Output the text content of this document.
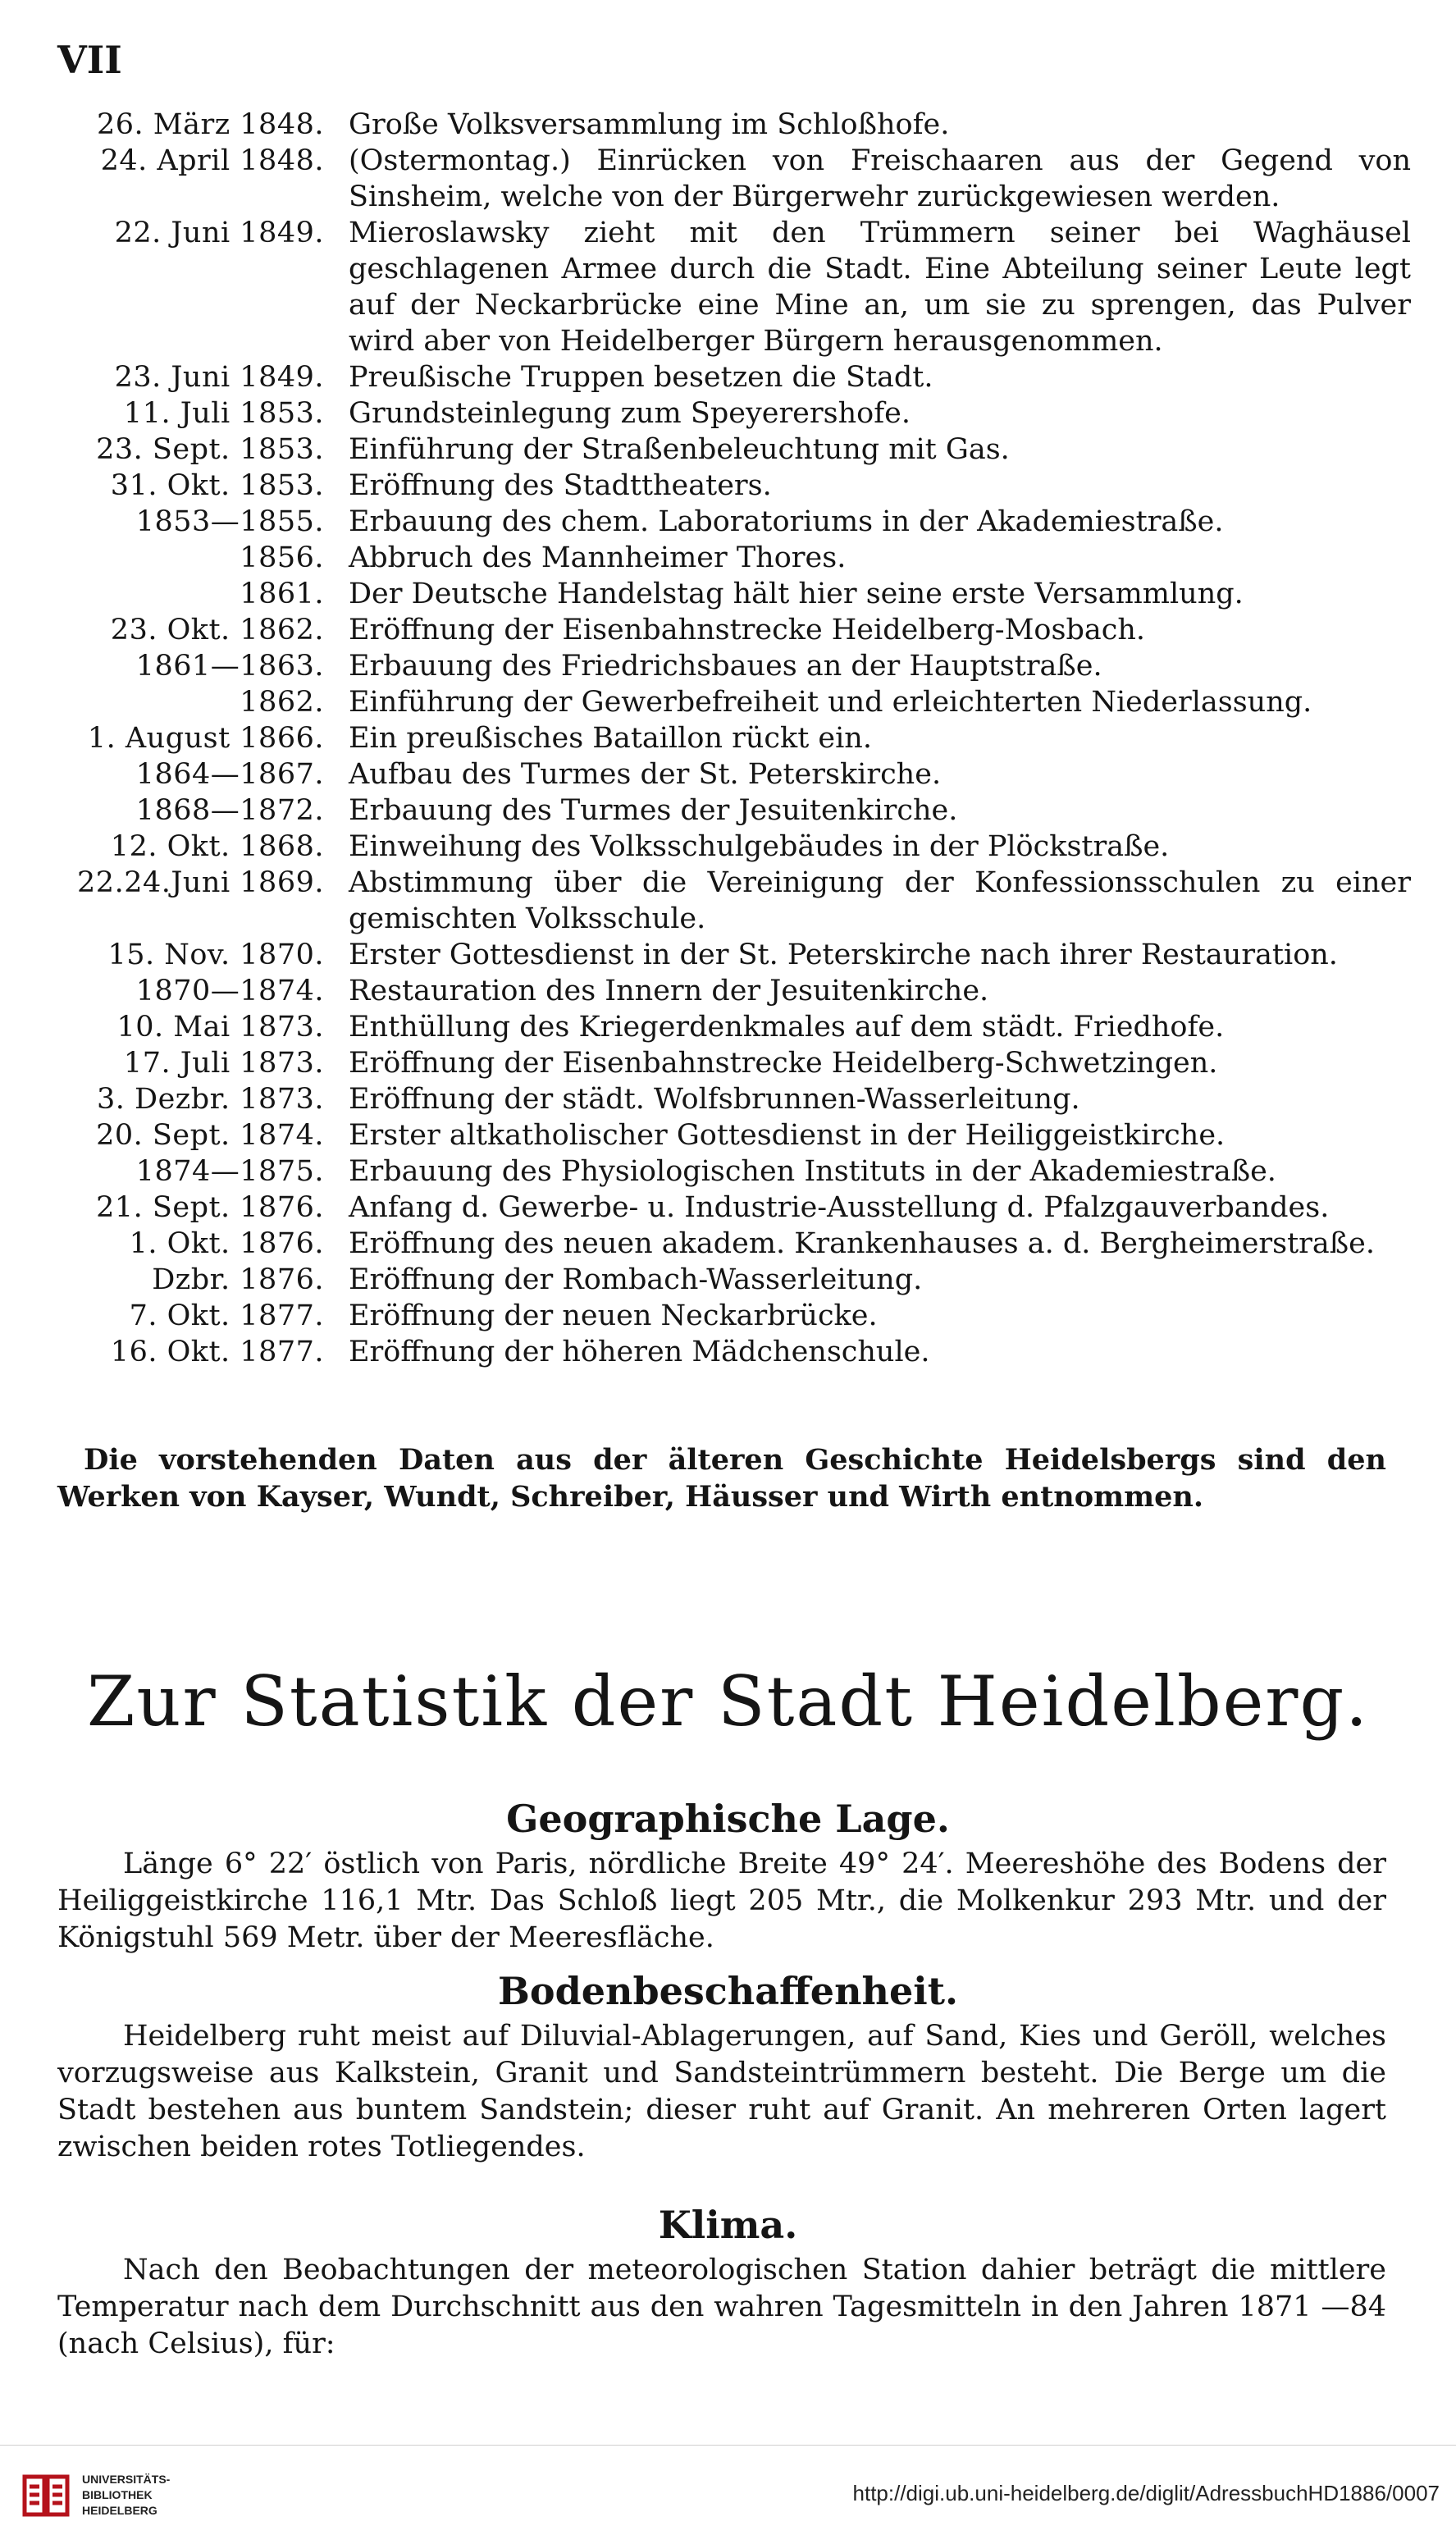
VII
26. März 1848. Große Volksversammlung im Schloßhofe.
24. April 1848. (Ostermontag.) Einrücken von Freischaaren aus der Gegend von Sinsheim, welche von der Bürgerwehr zurückgewiesen werden.
22. Juni 1849. Mieroslawsky zieht mit den Trümmern seiner bei Waghäusel geschlagenen Armee durch die Stadt. Eine Abteilung seiner Leute legt auf der Neckarbrücke eine Mine an, um sie zu sprengen, das Pulver wird aber von Heidelberger Bürgern herausgenommen.
23. Juni 1849. Preußische Truppen besetzen die Stadt.
11. Juli 1853. Grundsteinlegung zum Speyerershofe.
23. Sept. 1853. Einführung der Straßenbeleuchtung mit Gas.
31. Okt. 1853. Eröffnung des Stadttheaters.
1853—1855. Erbauung des chem. Laboratoriums in der Akademiestraße.
1856. Abbruch des Mannheimer Thores.
1861. Der Deutsche Handelstag hält hier seine erste Versammlung.
23. Okt. 1862. Eröffnung der Eisenbahnstrecke Heidelberg-Mosbach.
1861—1863. Erbauung des Friedrichsbaues an der Hauptstraße.
1862. Einführung der Gewerbefreiheit und erleichterten Niederlassung.
1. August 1866. Ein preußisches Bataillon rückt ein.
1864—1867. Aufbau des Turmes der St. Peterskirche.
1868—1872. Erbauung des Turmes der Jesuitenkirche.
12. Okt. 1868. Einweihung des Volksschulgebäudes in der Plöckstraße.
22.24.Juni 1869. Abstimmung über die Vereinigung der Konfessionsschulen zu einer gemischten Volksschule.
15. Nov. 1870. Erster Gottesdienst in der St. Peterskirche nach ihrer Restauration.
1870—1874. Restauration des Innern der Jesuitenkirche.
10. Mai 1873. Enthüllung des Kriegerdenkmales auf dem städt. Friedhofe.
17. Juli 1873. Eröffnung der Eisenbahnstrecke Heidelberg-Schwetzingen.
3. Dezbr. 1873. Eröffnung der städt. Wolfsbrunnen-Wasserleitung.
20. Sept. 1874. Erster altkatholischer Gottesdienst in der Heiliggeistkirche.
1874—1875. Erbauung des Physiologischen Instituts in der Akademiestraße.
21. Sept. 1876. Anfang d. Gewerbe- u. Industrie-Ausstellung d. Pfalzgauverbandes.
1. Okt. 1876. Eröffnung des neuen akadem. Krankenhauses a. d. Bergheimerstraße.
Dzbr. 1876. Eröffnung der Rombach-Wasserleitung.
7. Okt. 1877. Eröffnung der neuen Neckarbrücke.
16. Okt. 1877. Eröffnung der höheren Mädchenschule.

Die vorstehenden Daten aus der älteren Geschichte Heidelsbergs sind den Werken von Kayser, Wundt, Schreiber, Häusser und Wirth entnommen.

Zur Statistik der Stadt Heidelberg.
Geographische Lage.

Länge 6° 22′ östlich von Paris, nördliche Breite 49° 24′. Meereshöhe des Bodens der Heiliggeistkirche 116,1 Mtr. Das Schloß liegt 205 Mtr., die Molkenkur 293 Mtr. und der Königstuhl 569 Metr. über der Meeresfläche.

Bodenbeschaffenheit.

Heidelberg ruht meist auf Diluvial-Ablagerungen, auf Sand, Kies und Geröll, welches vorzugsweise aus Kalkstein, Granit und Sandsteintrümmern besteht. Die Berge um die Stadt bestehen aus buntem Sandstein; dieser ruht auf Granit. An mehreren Orten lagert zwischen beiden rotes Totliegendes.

Klima.

Nach den Beobachtungen der meteorologischen Station dahier beträgt die mittlere Temperatur nach dem Durchschnitt aus den wahren Tagesmitteln in den Jahren 1871 —84 (nach Celsius), für:

UNIVERSITÄTS-
BIBLIOTHEK
HEIDELBERG
http://digi.ub.uni-heidelberg.de/diglit/AdressbuchHD1886/0007
